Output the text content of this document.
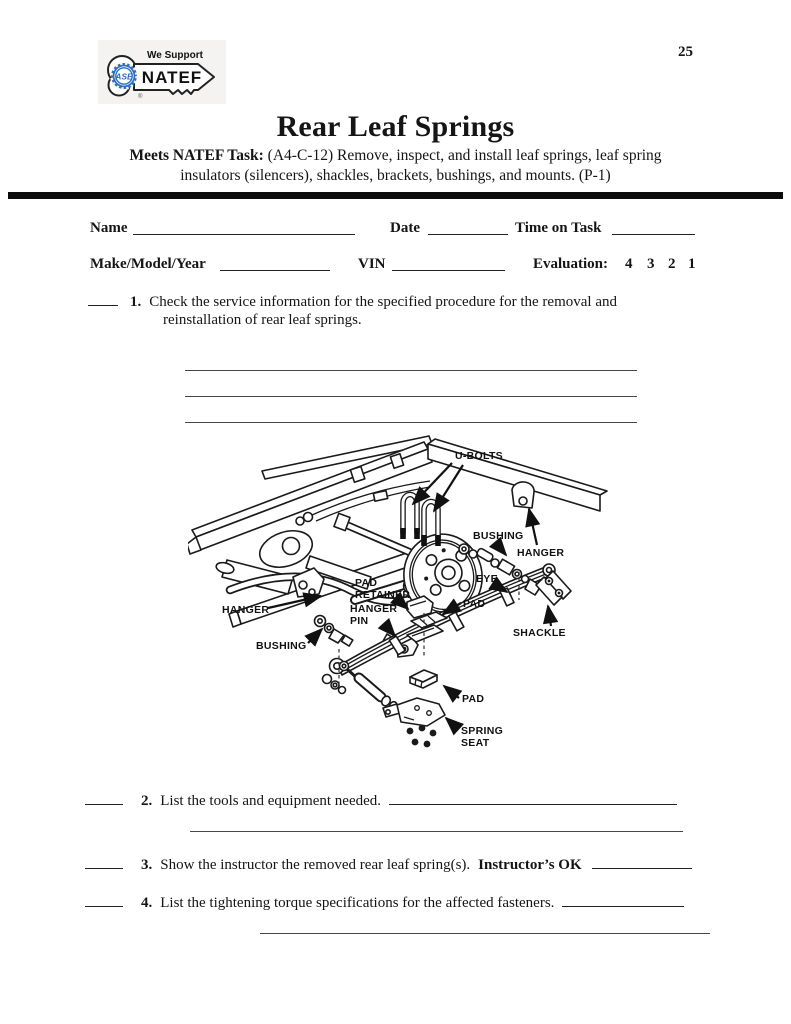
25
ASE
®
We Support
NATEF
Rear Leaf Springs
Meets NATEF Task: (A4-C-12) Remove, inspect, and install leaf springs, leaf spring
insulators (silencers), shackles, brackets, bushings, and mounts. (P-1)
Name	Date	Time on Task
Make/Model/Year	VIN	Evaluation: 4 3 2 1
1. Check the service information for the specified procedure for the removal and
reinstallation of rear leaf springs.
U-BOLTS
BUSHING
HANGER
EYE
PAD
RETAINER
PAD
HANGER	HANGER
PIN
BUSHING
SHACKLE
PAD
SPRING
SEAT
2. List the tools and equipment needed.
3. Show the instructor the removed rear leaf spring(s). Instructor’s OK
4. List the tightening torque specifications for the affected fasteners.
